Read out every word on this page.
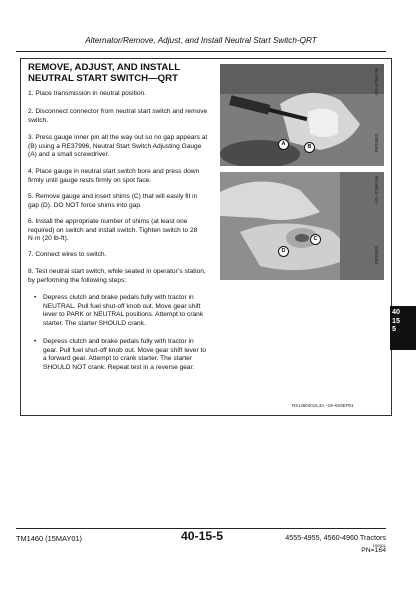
Alternator/Remove, Adjust, and Install Neutral Start Switch-QRT
REMOVE, ADJUST, AND INSTALL
NEUTRAL START SWITCH—QRT
1. Place transmission in neutral position.
2. Disconnect connector from neutral start switch and remove switch.
3. Press gauge inner pin all the way out so no gap appears at (B) using a RE37996, Neutral Start Switch Adjusting Gauge (A) and a small screwdriver.
4. Place gauge in neutral start switch bore and press down firmly until gauge rests firmly on spot face.
5. Remove gauge and insert shims (C) that will easily fit in gap (D). DO NOT force shims into gap.
6. Install the appropriate number of shims (at least one required) on switch and install switch. Tighten switch to 28 N·m (20 lb-ft).
7. Connect wires to switch.
8. Test neutral start switch, while seated in operator’s station, by performing the following steps:
•	Depress clutch and brake pedals fully with tractor in NEUTRAL. Pull fuel shut-off knob out. Move gear shift lever to PARK or NEUTRAL positions. Attempt to crank starter. The starter SHOULD crank.
•	Depress clutch and brake pedals fully with tractor in gear. Pull fuel shut-off knob out. Move gear shift lever to a forward gear. Attempt to crank starter. The starter SHOULD NOT crank. Repeat test in a reverse gear.
A	B
–UN–02MAY96
RW18503
D
C
–UN–02MAY96
RW18505
RX14604015,3A –19–04SEP01
40
15
5
TM1460 (15MAY01)	40-15-5	4555-4955, 4560-4960 Tractors
100501
PN=164
